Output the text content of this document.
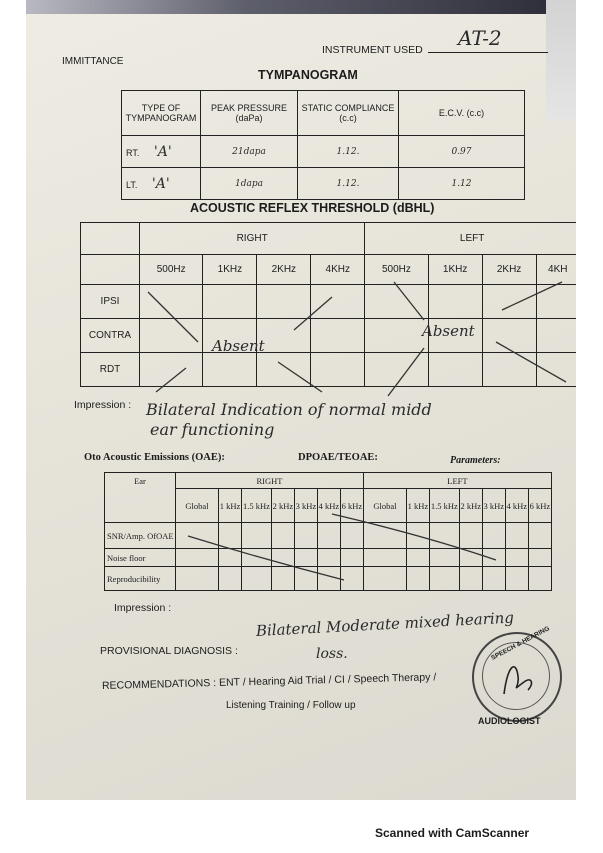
IMMITTANCE
INSTRUMENT USED AT-2
TYMPANOGRAM
TYPE OF TYMPANOGRAM	PEAK PRESSURE (daPa)	STATIC COMPLIANCE (c.c)	E.C.V. (c.c)
RT. 'A'	21dapa	1.12.	0.97
LT. 'A'	1dapa	1.12.	1.12
ACOUSTIC REFLEX THRESHOLD (dBHL)
	RIGHT				LEFT			
	500Hz	1KHz	2KHz	4KHz	500Hz	1KHz	2KHz	4KH
IPSI								
CONTRA								
RDT								
Absent
Absent
Impression : Bilateral Indication of normal midd
ear functioning
Oto Acoustic Emissions (OAE):	DPOAE/TEOAE:	Parameters:
Ear	RIGHT							LEFT						
	Global	1 kHz	1.5 kHz	2 kHz	3 kHz	4 kHz	6 kHz	Global	1 kHz	1.5 kHz	2 kHz	3 kHz	4 kHz	6 kHz
SNR/Amp. OfOAE														
Noise floor														
Reproducibility														
Impression :
PROVISIONAL DIAGNOSIS :
Bilateral Moderate mixed hearing
loss.
RECOMMENDATIONS : ENT / Hearing Aid Trial / CI / Speech Therapy /
Listening Training / Follow up
SPEECH & HEARING
AUDIOLOGIST
Scanned with CamScanner
